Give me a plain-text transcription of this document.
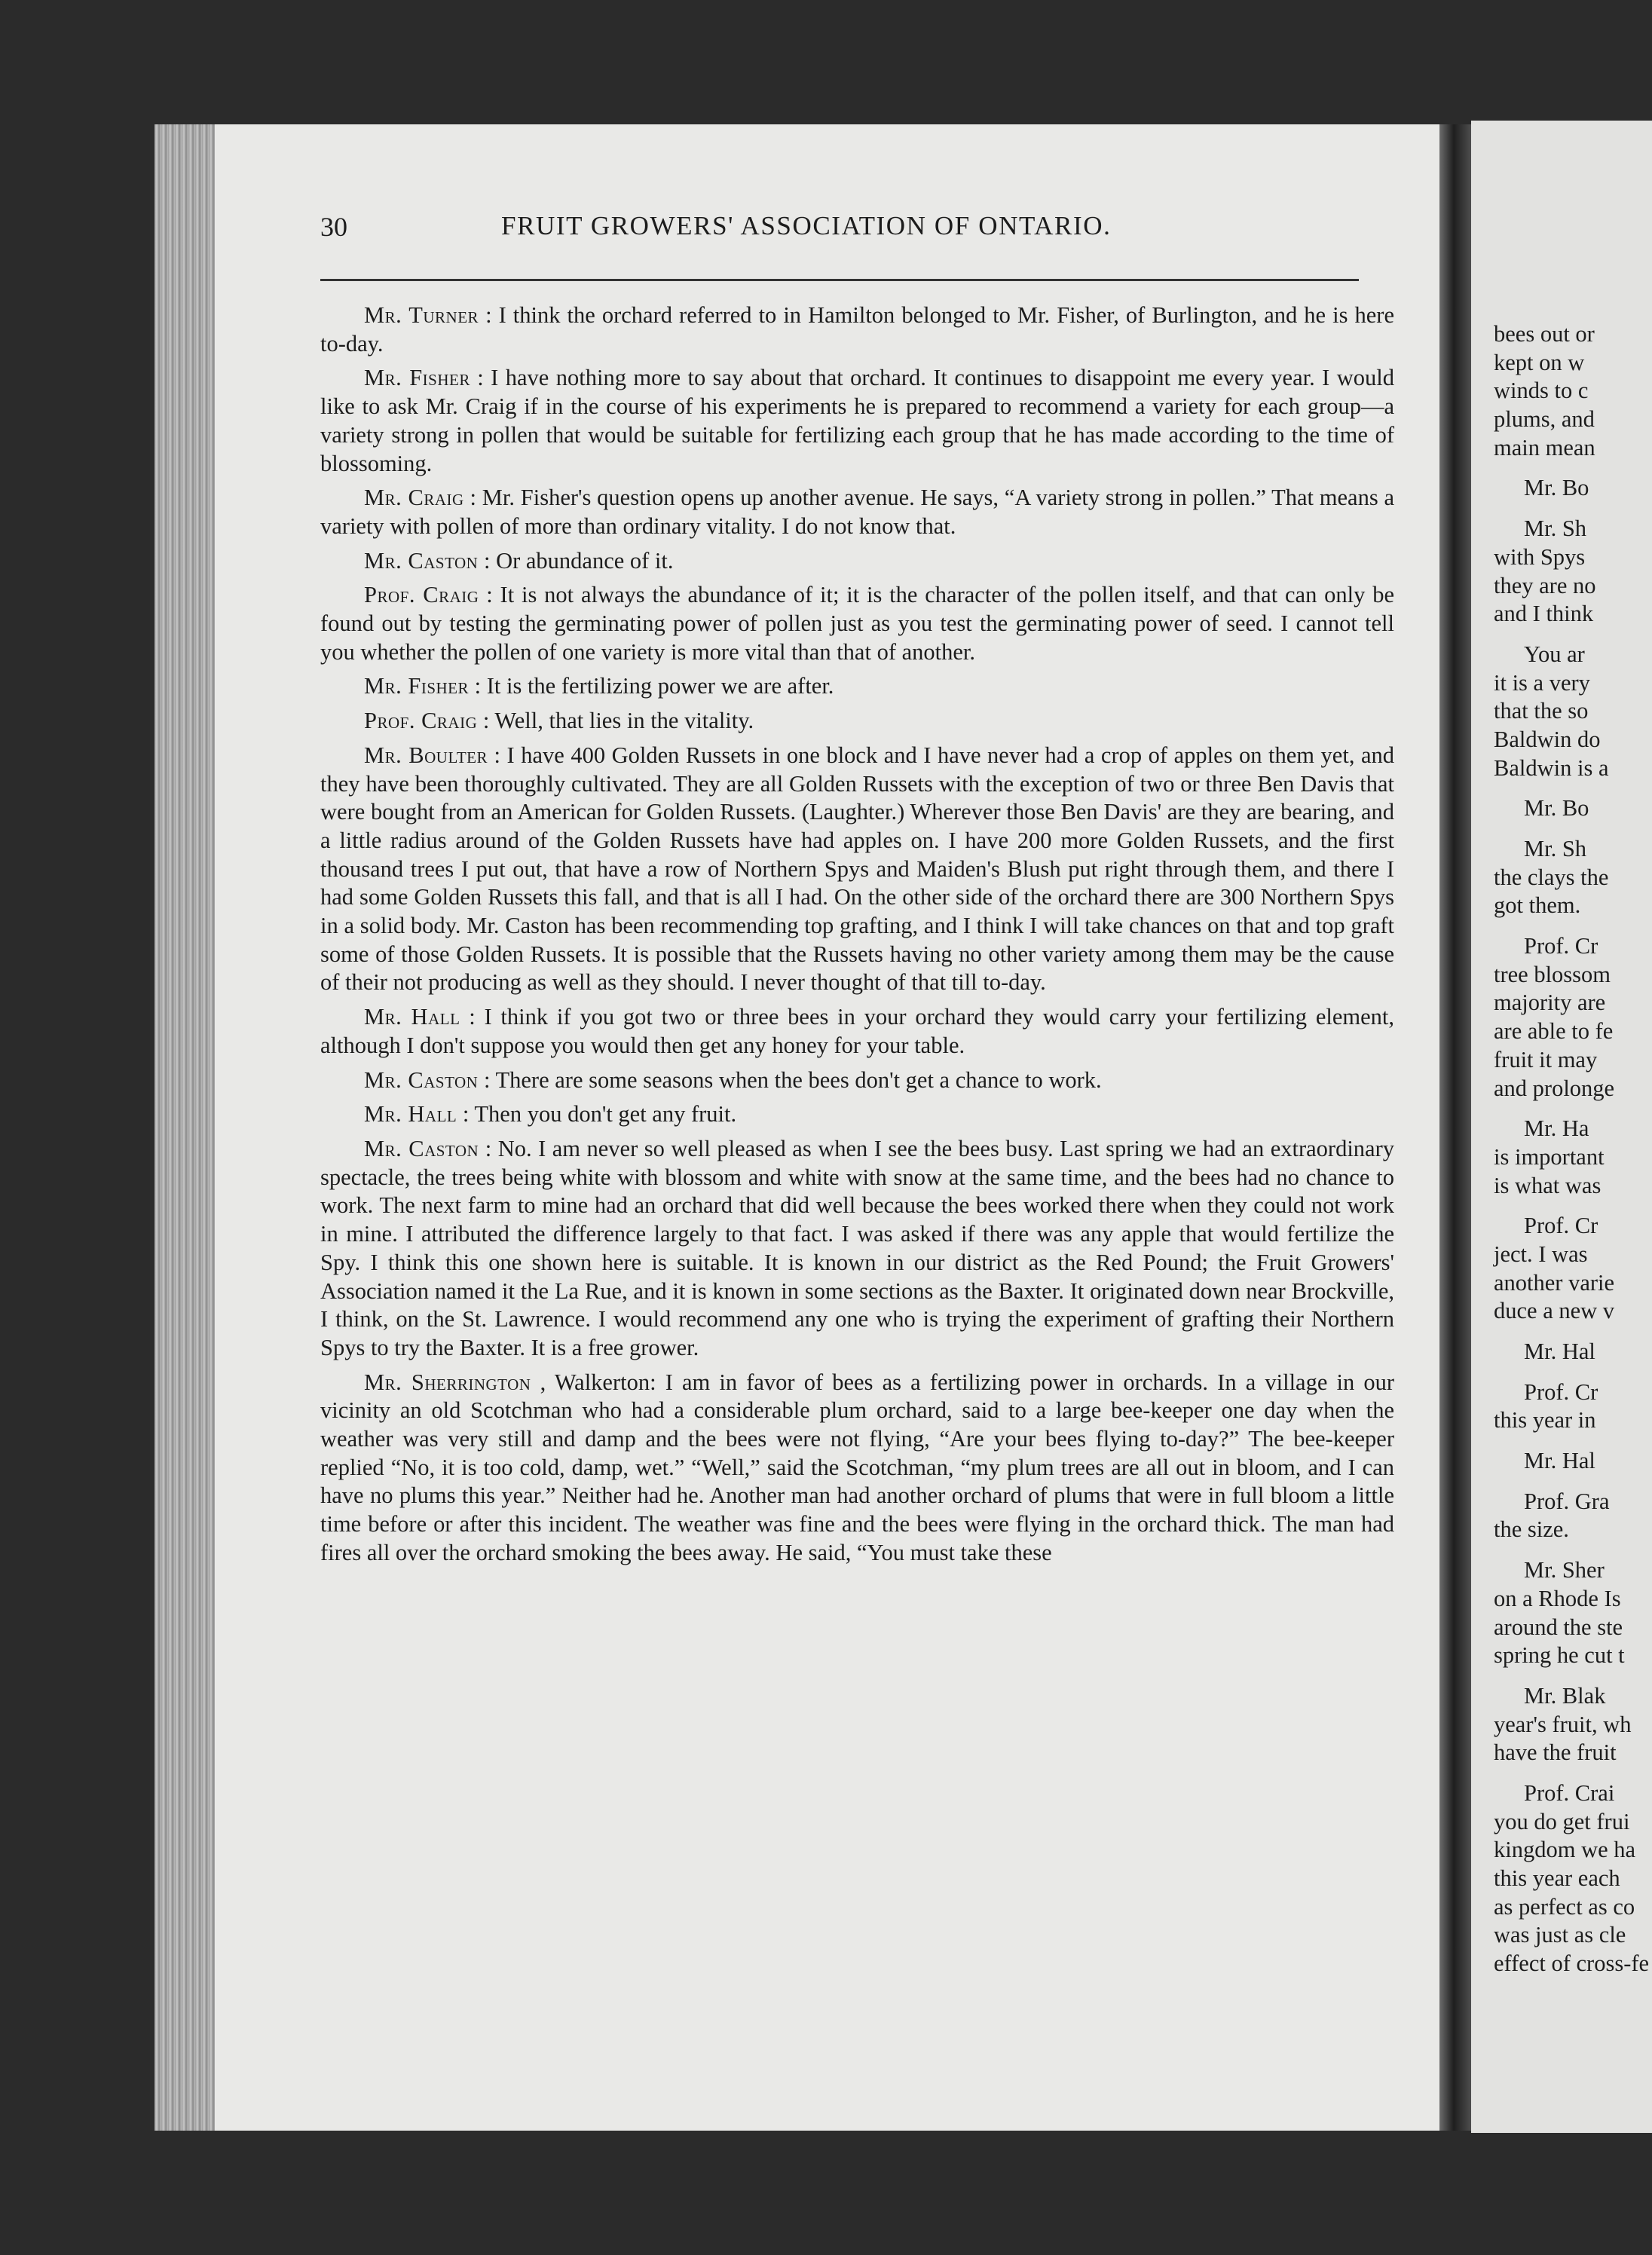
30	FRUIT GROWERS' ASSOCIATION OF ONTARIO.

Mr. Turner : I think the orchard referred to in Hamilton belonged to Mr. Fisher, of Burlington, and he is here to-day.

Mr. Fisher : I have nothing more to say about that orchard. It continues to disappoint me every year. I would like to ask Mr. Craig if in the course of his experiments he is prepared to recommend a variety for each group—a variety strong in pollen that would be suitable for fertilizing each group that he has made according to the time of blossoming.

Mr. Craig : Mr. Fisher's question opens up another avenue. He says, “A variety strong in pollen.” That means a variety with pollen of more than ordinary vitality. I do not know that.

Mr. Caston : Or abundance of it.

Prof. Craig : It is not always the abundance of it; it is the character of the pollen itself, and that can only be found out by testing the germinating power of pollen just as you test the germinating power of seed. I cannot tell you whether the pollen of one variety is more vital than that of another.

Mr. Fisher : It is the fertilizing power we are after.

Prof. Craig : Well, that lies in the vitality.

Mr. Boulter : I have 400 Golden Russets in one block and I have never had a crop of apples on them yet, and they have been thoroughly cultivated. They are all Golden Russets with the exception of two or three Ben Davis that were bought from an American for Golden Russets. (Laughter.) Wherever those Ben Davis' are they are bearing, and a little radius around of the Golden Russets have had apples on. I have 200 more Golden Russets, and the first thousand trees I put out, that have a row of Northern Spys and Maiden's Blush put right through them, and there I had some Golden Russets this fall, and that is all I had. On the other side of the orchard there are 300 Northern Spys in a solid body. Mr. Caston has been recommending top grafting, and I think I will take chances on that and top graft some of those Golden Russets. It is possible that the Russets having no other variety among them may be the cause of their not producing as well as they should. I never thought of that till to-day.

Mr. Hall : I think if you got two or three bees in your orchard they would carry your fertilizing element, although I don't suppose you would then get any honey for your table.

Mr. Caston : There are some seasons when the bees don't get a chance to work.

Mr. Hall : Then you don't get any fruit.

Mr. Caston : No. I am never so well pleased as when I see the bees busy. Last spring we had an extraordinary spectacle, the trees being white with blossom and white with snow at the same time, and the bees had no chance to work. The next farm to mine had an orchard that did well because the bees worked there when they could not work in mine. I attributed the difference largely to that fact. I was asked if there was any apple that would fertilize the Spy. I think this one shown here is suitable. It is known in our district as the Red Pound; the Fruit Growers' Association named it the La Rue, and it is known in some sections as the Baxter. It originated down near Brockville, I think, on the St. Lawrence. I would recommend any one who is trying the experiment of grafting their Northern Spys to try the Baxter. It is a free grower.

Mr. Sherrington , Walkerton: I am in favor of bees as a fertilizing power in orchards. In a village in our vicinity an old Scotchman who had a considerable plum orchard, said to a large bee-keeper one day when the weather was very still and damp and the bees were not flying, “Are your bees flying to-day?” The bee-keeper replied “No, it is too cold, damp, wet.” “Well,” said the Scotchman, “my plum trees are all out in bloom, and I can have no plums this year.” Neither had he. Another man had another orchard of plums that were in full bloom a little time before or after this incident. The weather was fine and the bees were flying in the orchard thick. The man had fires all over the orchard smoking the bees away. He said, “You must take these

bees out or
kept on w
winds to c
plums, and
main mean
Mr. Bo
Mr. Sh
with Spys
they are no
and I think
You ar
it is a very
that the so
Baldwin do
Baldwin is a
Mr. Bo
Mr. Sh
the clays the
got them.
Prof. Cr
tree blossom
majority are
are able to fe
fruit it may
and prolonge
Mr. Ha
is important
is what was
Prof. Cr
ject. I was
another varie
duce a new v
Mr. Hal
Prof. Cr
this year in
Mr. Hal
Prof. Gra
the size.
Mr. Sher
on a Rhode Is
around the ste
spring he cut t
Mr. Blak
year's fruit, wh
have the fruit
Prof. Crai
you do get frui
kingdom we ha
this year each
as perfect as co
was just as cle
effect of cross-fe
